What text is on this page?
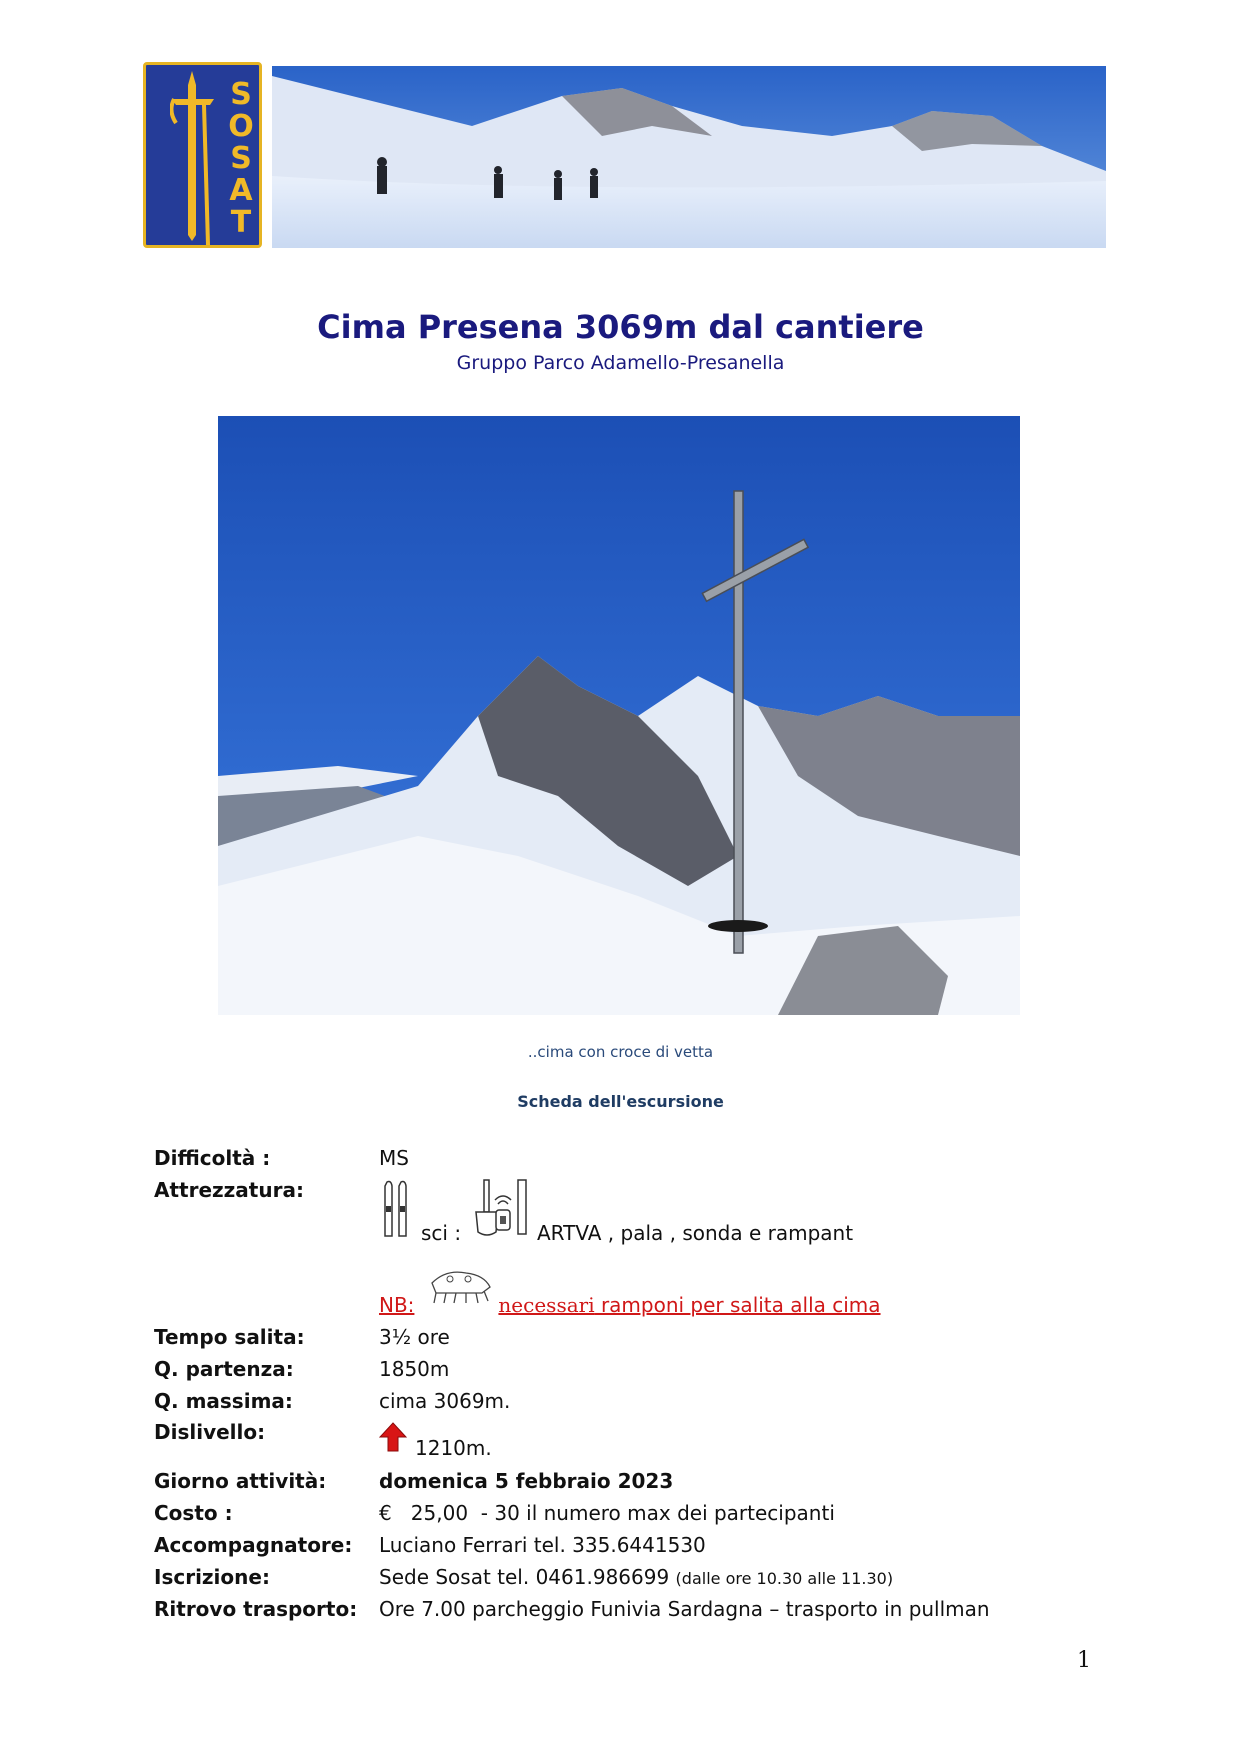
S
O
S
A
T
Cima Presena 3069m dal cantiere
Gruppo Parco Adamello-Presanella
..cima con croce di vetta
Scheda dell'escursione
Difficoltà :	MS
Attrezzatura:
sci :	ARTVA , pala , sonda e rampant
NB:	necessari ramponi per salita alla cima
Tempo salita:	3½ ore
Q. partenza:	1850m
Q. massima:	cima 3069m.
Dislivello:
1210m.
Giorno attività:	domenica 5 febbraio 2023
Costo :	€   25,00  - 30 il numero max dei partecipanti
Accompagnatore: Luciano Ferrari tel. 335.6441530
Iscrizione:	Sede Sosat tel. 0461.986699 (dalle ore 10.30 alle 11.30)
Ritrovo trasporto: Ore 7.00 parcheggio Funivia Sardagna – trasporto in pullman
1
